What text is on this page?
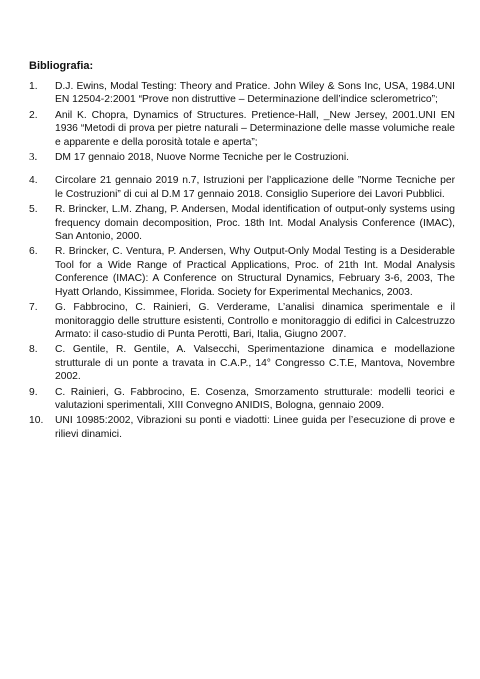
Bibliografia:
1.	D.J. Ewins, Modal Testing: Theory and Pratice. John Wiley & Sons Inc, USA, 1984.UNI EN 12504-2:2001 “Prove non distruttive – Determinazione dell’indice sclerometrico”;
2.	Anil K. Chopra, Dynamics of Structures. Pretience-Hall, _New Jersey, 2001.UNI EN 1936 “Metodi di prova per pietre naturali – Determinazione delle masse volumiche reale e apparente e della porosità totale e aperta”;
3.	DM 17 gennaio 2018, Nuove Norme Tecniche per le Costruzioni.
4.	Circolare 21 gennaio 2019 n.7, Istruzioni per l’applicazione delle ”Norme Tecniche per le Costruzioni” di cui al D.M 17 gennaio 2018. Consiglio Superiore dei Lavori Pubblici.
5.	R. Brincker, L.M. Zhang, P. Andersen, Modal identification of output-only systems using frequency domain decomposition, Proc. 18th Int. Modal Analysis Conference (IMAC), San Antonio, 2000.
6.	R. Brincker, C. Ventura, P. Andersen, Why Output-Only Modal Testing is a Desiderable Tool for a Wide Range of Practical Applications, Proc. of 21th Int. Modal Analysis Conference (IMAC): A Conference on Structural Dynamics, February 3-6, 2003, The Hyatt Orlando, Kissimmee, Florida. Society for Experimental Mechanics, 2003.
7.	G. Fabbrocino, C. Rainieri, G. Verderame, L’analisi dinamica sperimentale e il monitoraggio delle strutture esistenti, Controllo e monitoraggio di edifici in Calcestruzzo Armato: il caso-studio di Punta Perotti, Bari, Italia, Giugno 2007.
8.	C. Gentile, R. Gentile, A. Valsecchi, Sperimentazione dinamica e modellazione strutturale di un ponte a travata in C.A.P., 14° Congresso C.T.E, Mantova, Novembre 2002.
9.	C. Rainieri, G. Fabbrocino, E. Cosenza, Smorzamento strutturale: modelli teorici e valutazioni sperimentali, XIII Convegno ANIDIS, Bologna, gennaio 2009.
10.	UNI 10985:2002, Vibrazioni su ponti e viadotti: Linee guida per l’esecuzione di prove e rilievi dinamici.
